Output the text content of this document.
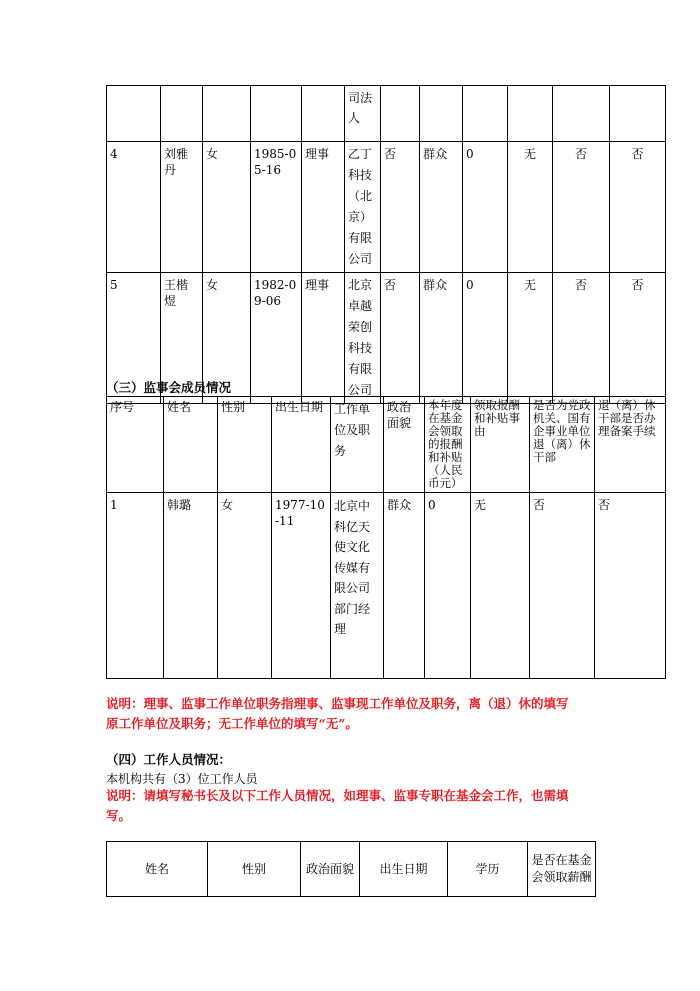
					司法人						
4	刘雅丹	女	1985-05-16	理事	乙丁科技（北京）有限公司	否	群众	0	无	否	否
5	王楷煜	女	1982-09-06	理事	北京卓越荣创科技有限公司	否	群众	0	无	否	否
（三）监事会成员情况
序号	姓名	性别	出生日期	工作单位及职务	政治面貌	本年度在基金会领取的报酬和补贴（人民币元）	领取报酬和补贴事由	是否为党政机关、国有企事业单位退（离）休干部	退（离）休干部是否办理备案手续
1	韩璐	女	1977-10-11	北京中科亿天使文化传媒有限公司部门经理	群众	0	无	否	否
说明：理事、监事工作单位职务指理事、监事现工作单位及职务，离（退）休的填写
原工作单位及职务；无工作单位的填写“无”。
（四）工作人员情况：
本机构共有（3）位工作人员
说明：请填写秘书长及以下工作人员情况，如理事、监事专职在基金会工作，也需填
写。
姓名	性别	政治面貌	出生日期	学历	是否在基金会领取薪酬
